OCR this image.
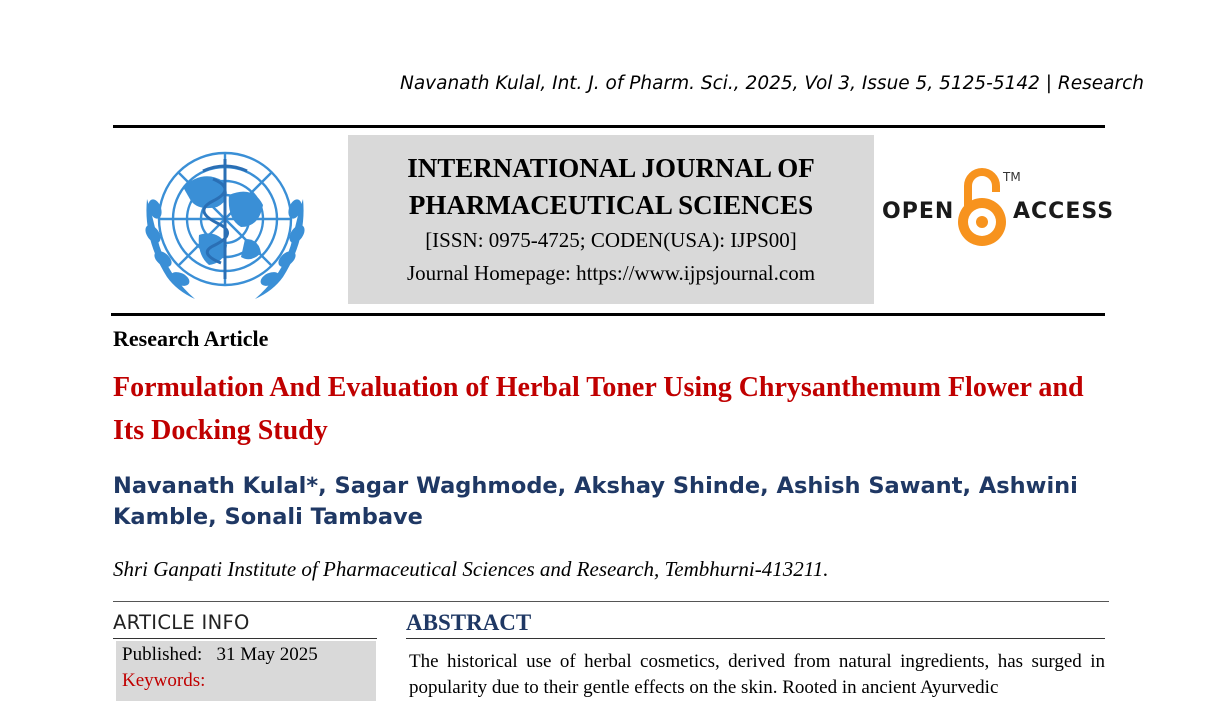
Navanath Kulal, Int. J. of Pharm. Sci., 2025, Vol 3, Issue 5, 5125-5142 | Research
INTERNATIONAL JOURNAL OF
PHARMACEUTICAL SCIENCES
[ISSN: 0975-4725; CODEN(USA): IJPS00]
Journal Homepage: https://www.ijpsjournal.com
OPEN
TM
ACCESS
Research Article
Formulation And Evaluation of Herbal Toner Using Chrysanthemum Flower and Its Docking Study
Navanath Kulal*, Sagar Waghmode, Akshay Shinde, Ashish Sawant, Ashwini Kamble, Sonali Tambave
Shri Ganpati Institute of Pharmaceutical Sciences and Research, Tembhurni-413211.
ARTICLE INFO
Published:   31 May 2025
Keywords:
ABSTRACT
The historical use of herbal cosmetics, derived from natural ingredients, has surged in popularity due to their gentle effects on the skin. Rooted in ancient Ayurvedic
